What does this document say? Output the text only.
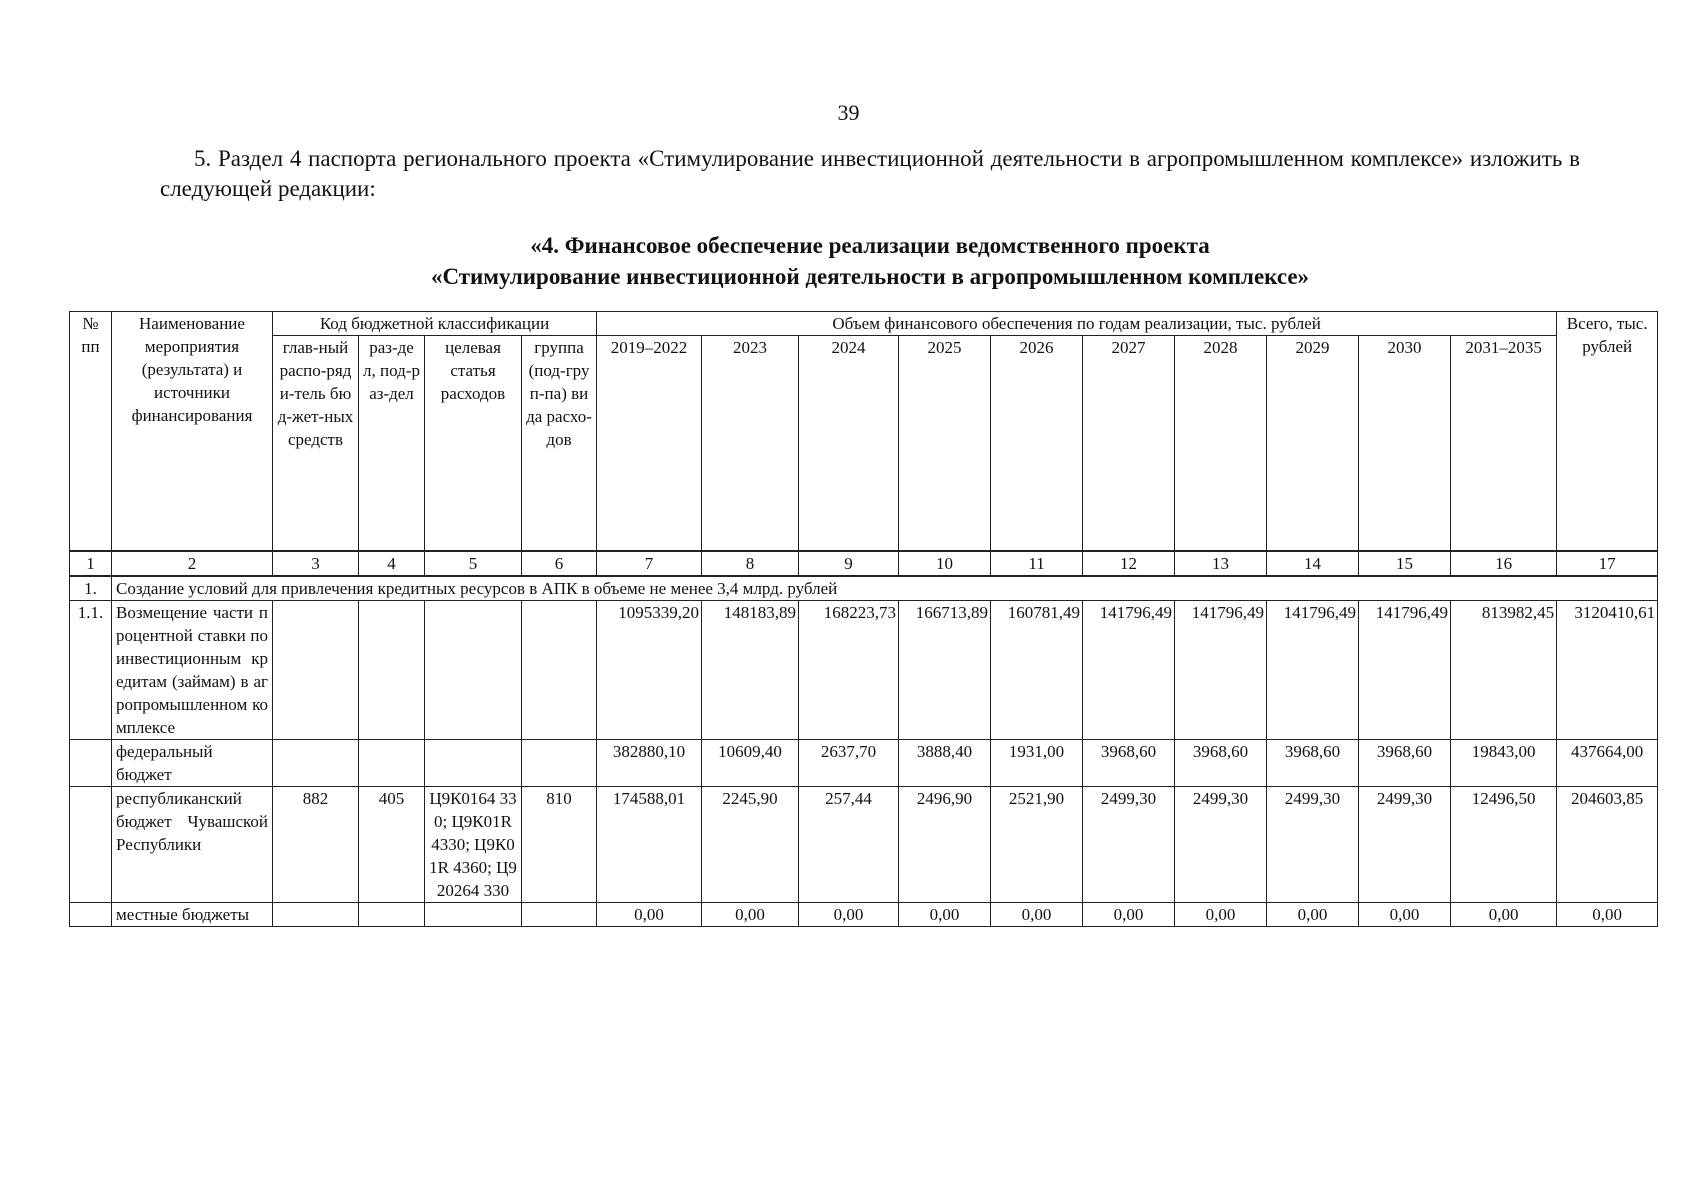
39

5. Раздел 4 паспорта регионального проекта «Стимулирование инвестиционной деятельности в агропромышленном комплексе» изложить в следующей редакции:

«4. Финансовое обеспечение реализации ведомственного проекта
«Стимулирование инвестиционной деятельности в агропромышленном комплексе»
№ пп	Наименование мероприятия (результата) и источники финансирования	Код бюджетной классификации				Объем финансового обеспечения по годам реализации, тыс. рублей										Всего, тыс. рублей
		глав-ный распо-ряди-тель бюд-жет-ных средств	раз-дел, под-раз-дел	целевая статья расходов	группа (под-груп-па) вида расхо-дов	2019–2022	2023	2024	2025	2026	2027	2028	2029	2030	2031–2035	
1	2	3	4	5	6	7	8	9	10	11	12	13	14	15	16	17
1.	Создание условий для привлечения кредитных ресурсов в АПК в объеме не менее 3,4 млрд. рублей															
1.1.	Возмещение части процентной ставки по инвестиционным кредитам (займам) в агропромышленном комплексе					1095339,20	148183,89	168223,73	166713,89	160781,49	141796,49	141796,49	141796,49	141796,49	813982,45	3120410,61
	федеральный бюджет					382880,10	10609,40	2637,70	3888,40	1931,00	3968,60	3968,60	3968,60	3968,60	19843,00	437664,00
	республиканский бюджет Чувашской Республики	882	405	Ц9К0164 330; Ц9К01R 4330; Ц9К01R 4360; Ц920264 330	810	174588,01	2245,90	257,44	2496,90	2521,90	2499,30	2499,30	2499,30	2499,30	12496,50	204603,85
	местные бюджеты					0,00	0,00	0,00	0,00	0,00	0,00	0,00	0,00	0,00	0,00	0,00
